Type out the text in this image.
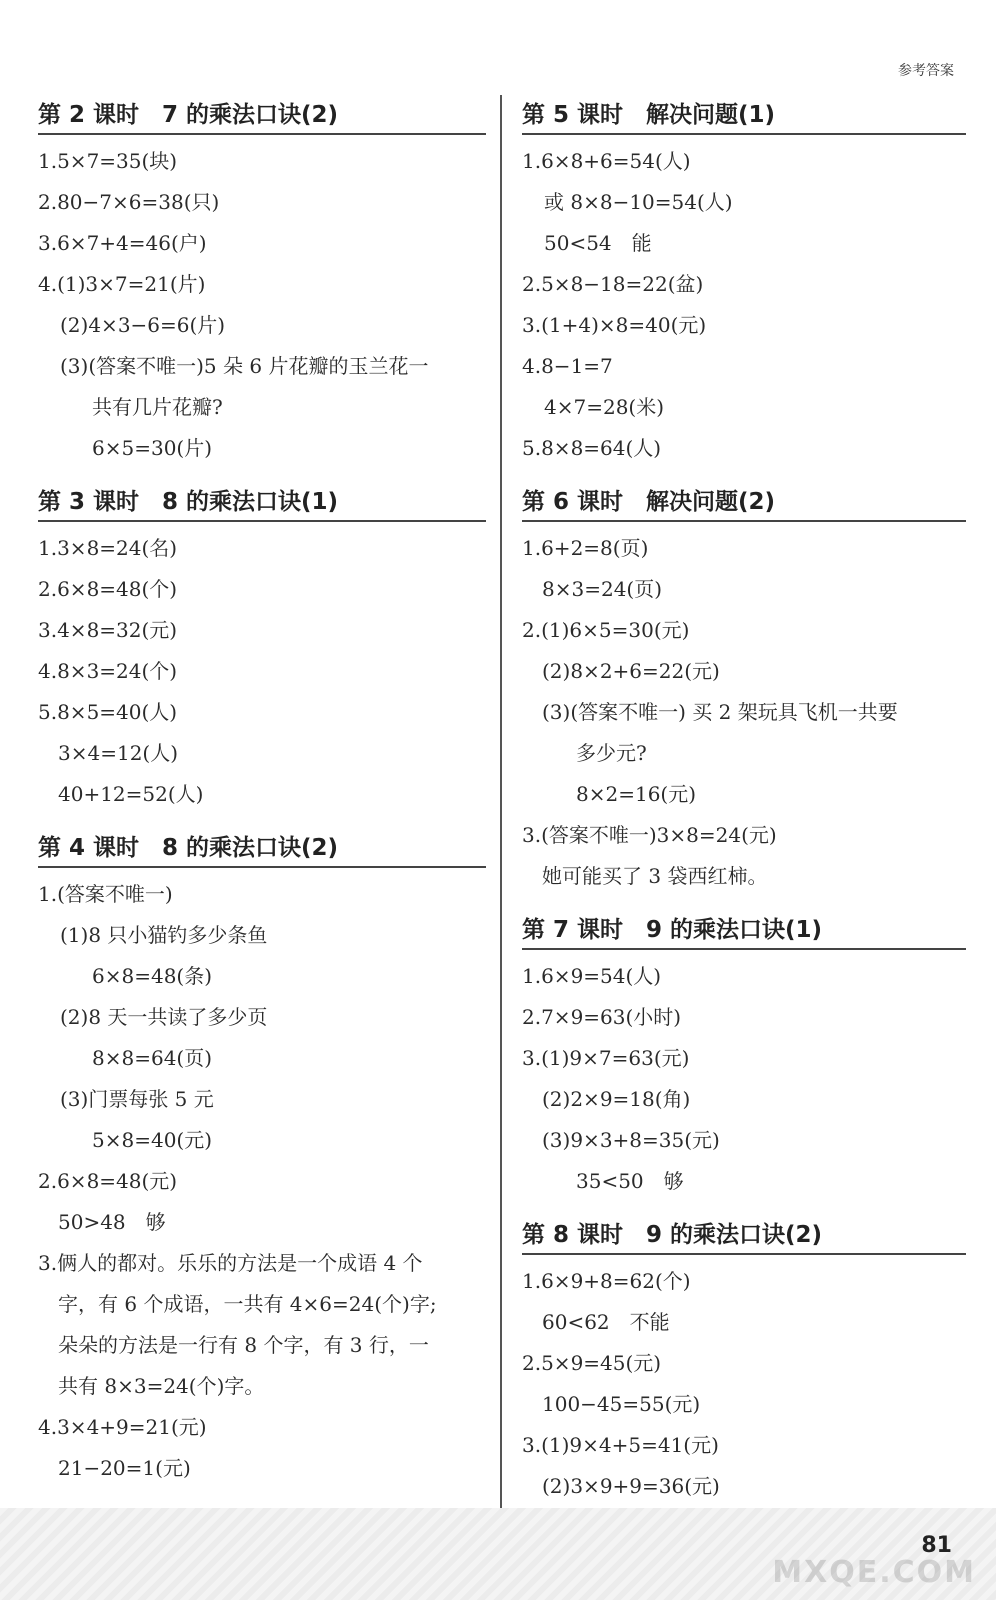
参考答案
第 2 课时　7 的乘法口诀(2)
1.5×7=35(块)
2.80−7×6=38(只)
3.6×7+4=46(户)
4.(1)3×7=21(片)
(2)4×3−6=6(片)
(3)(答案不唯一)5 朵 6 片花瓣的玉兰花一
共有几片花瓣?
6×5=30(片)
第 3 课时　8 的乘法口诀(1)
1.3×8=24(名)
2.6×8=48(个)
3.4×8=32(元)
4.8×3=24(个)
5.8×5=40(人)
3×4=12(人)
40+12=52(人)
第 4 课时　8 的乘法口诀(2)
1.(答案不唯一)
(1)8 只小猫钓多少条鱼
6×8=48(条)
(2)8 天一共读了多少页
8×8=64(页)
(3)门票每张 5 元
5×8=40(元)
2.6×8=48(元)
50>48　够
3.俩人的都对。乐乐的方法是一个成语 4 个
字，有 6 个成语，一共有 4×6=24(个)字;
朵朵的方法是一行有 8 个字，有 3 行，一
共有 8×3=24(个)字。
4.3×4+9=21(元)
21−20=1(元)
第 5 课时　解决问题(1)
1.6×8+6=54(人)
或 8×8−10=54(人)
50<54　能
2.5×8−18=22(盆)
3.(1+4)×8=40(元)
4.8−1=7
4×7=28(米)
5.8×8=64(人)
第 6 课时　解决问题(2)
1.6+2=8(页)
8×3=24(页)
2.(1)6×5=30(元)
(2)8×2+6=22(元)
(3)(答案不唯一) 买 2 架玩具飞机一共要
多少元?
8×2=16(元)
3.(答案不唯一)3×8=24(元)
她可能买了 3 袋西红柿。
第 7 课时　9 的乘法口诀(1)
1.6×9=54(人)
2.7×9=63(小时)
3.(1)9×7=63(元)
(2)2×9=18(角)
(3)9×3+8=35(元)
35<50　够
第 8 课时　9 的乘法口诀(2)
1.6×9+8=62(个)
60<62　不能
2.5×9=45(元)
100−45=55(元)
3.(1)9×4+5=41(元)
(2)3×9+9=36(元)
MXQE.COM
81
